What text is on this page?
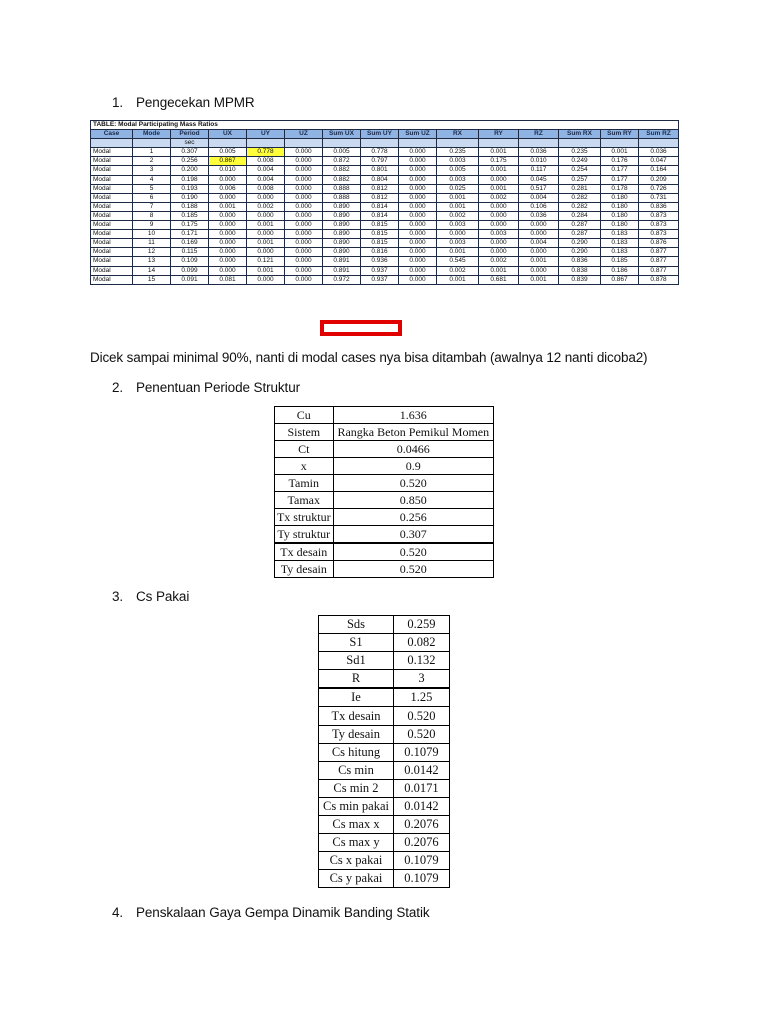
1. Pengecekan MPMR
TABLE: Modal Participating Mass Ratios														
Case	Mode	Period	UX	UY	UZ	Sum UX	Sum UY	Sum UZ	RX	RY	RZ	Sum RX	Sum RY	Sum RZ
		sec												
Modal	1	0.307	0.005	0.778	0.000	0.005	0.778	0.000	0.235	0.001	0.036	0.235	0.001	0.036
Modal	2	0.256	0.867	0.008	0.000	0.872	0.797	0.000	0.003	0.175	0.010	0.249	0.176	0.047
Modal	3	0.200	0.010	0.004	0.000	0.882	0.801	0.000	0.005	0.001	0.117	0.254	0.177	0.164
Modal	4	0.198	0.000	0.004	0.000	0.882	0.804	0.000	0.003	0.000	0.045	0.257	0.177	0.209
Modal	5	0.193	0.006	0.008	0.000	0.888	0.812	0.000	0.025	0.001	0.517	0.281	0.178	0.726
Modal	6	0.190	0.000	0.000	0.000	0.888	0.812	0.000	0.001	0.002	0.004	0.282	0.180	0.731
Modal	7	0.188	0.001	0.002	0.000	0.890	0.814	0.000	0.001	0.000	0.106	0.282	0.180	0.836
Modal	8	0.185	0.000	0.000	0.000	0.890	0.814	0.000	0.002	0.000	0.036	0.284	0.180	0.873
Modal	9	0.175	0.000	0.001	0.000	0.890	0.815	0.000	0.003	0.000	0.000	0.287	0.180	0.873
Modal	10	0.171	0.000	0.000	0.000	0.890	0.815	0.000	0.000	0.003	0.000	0.287	0.183	0.873
Modal	11	0.169	0.000	0.001	0.000	0.890	0.815	0.000	0.003	0.000	0.004	0.290	0.183	0.876
Modal	12	0.115	0.000	0.000	0.000	0.890	0.816	0.000	0.001	0.000	0.000	0.290	0.183	0.877
Modal	13	0.109	0.000	0.121	0.000	0.891	0.936	0.000	0.545	0.002	0.001	0.836	0.185	0.877
Modal	14	0.099	0.000	0.001	0.000	0.891	0.937	0.000	0.002	0.001	0.000	0.838	0.186	0.877
Modal	15	0.091	0.081	0.000	0.000	0.972	0.937	0.000	0.001	0.681	0.001	0.839	0.867	0.878
Dicek sampai minimal 90%, nanti di modal cases nya bisa ditambah (awalnya 12 nanti dicoba2)
2. Penentuan Periode Struktur
Cu	1.636
Sistem	Rangka Beton Pemikul Momen
Ct	0.0466
x	0.9
Tamin	0.520
Tamax	0.850
Tx struktur	0.256
Ty struktur	0.307
Tx desain	0.520
Ty desain	0.520
3. Cs Pakai
Sds	0.259
S1	0.082
Sd1	0.132
R	3
Ie	1.25
Tx desain	0.520
Ty desain	0.520
Cs hitung	0.1079
Cs min	0.0142
Cs min 2	0.0171
Cs min pakai	0.0142
Cs max x	0.2076
Cs max y	0.2076
Cs x pakai	0.1079
Cs y pakai	0.1079
4. Penskalaan Gaya Gempa Dinamik Banding Statik
